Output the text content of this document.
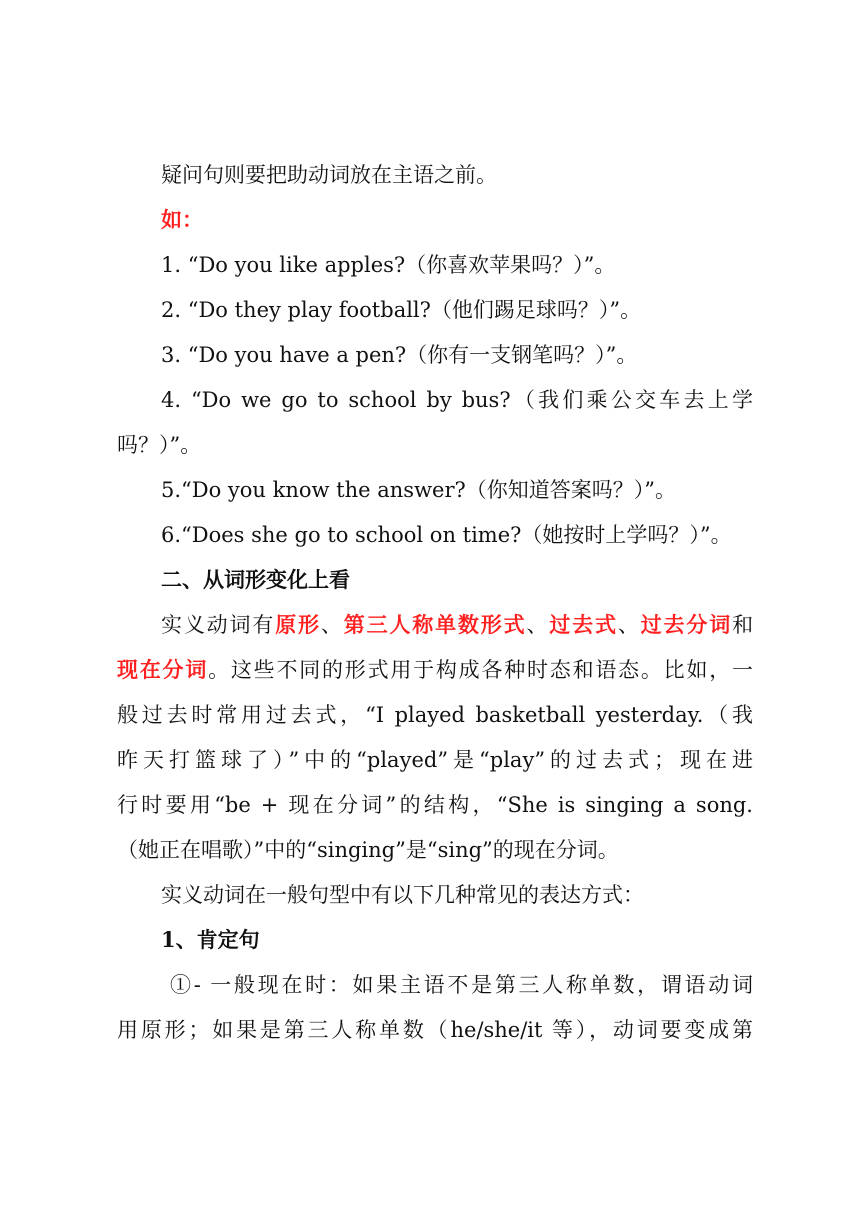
疑问句则要把助动词放在主语之前。
如：
1. “Do you like apples?（你喜欢苹果吗？）”。
2. “Do they play football?（他们踢足球吗？）”。
3. “Do you have a pen?（你有一支钢笔吗？）”。
4. “Do we go to school by bus?（我们乘公交车去上学
吗？）”。
5.“Do you know the answer?（你知道答案吗？）”。
6.“Does she go to school on time?（她按时上学吗？）”。
二、从词形变化上看
实义动词有原形、第三人称单数形式、过去式、过去分词和
现在分词。这些不同的形式用于构成各种时态和语态。比如，一
般过去时常用过去式，“I played basketball yesterday.（我
昨天打篮球了）”中的“played”是“play”的过去式；现在进
行时要用“be + 现在分词”的结构，“She is singing a song.
（她正在唱歌）”中的“singing”是“sing”的现在分词。
实义动词在一般句型中有以下几种常见的表达方式：
1、肯定句
①- 一般现在时：如果主语不是第三人称单数，谓语动词
用原形；如果是第三人称单数（he/she/it 等），动词要变成第
